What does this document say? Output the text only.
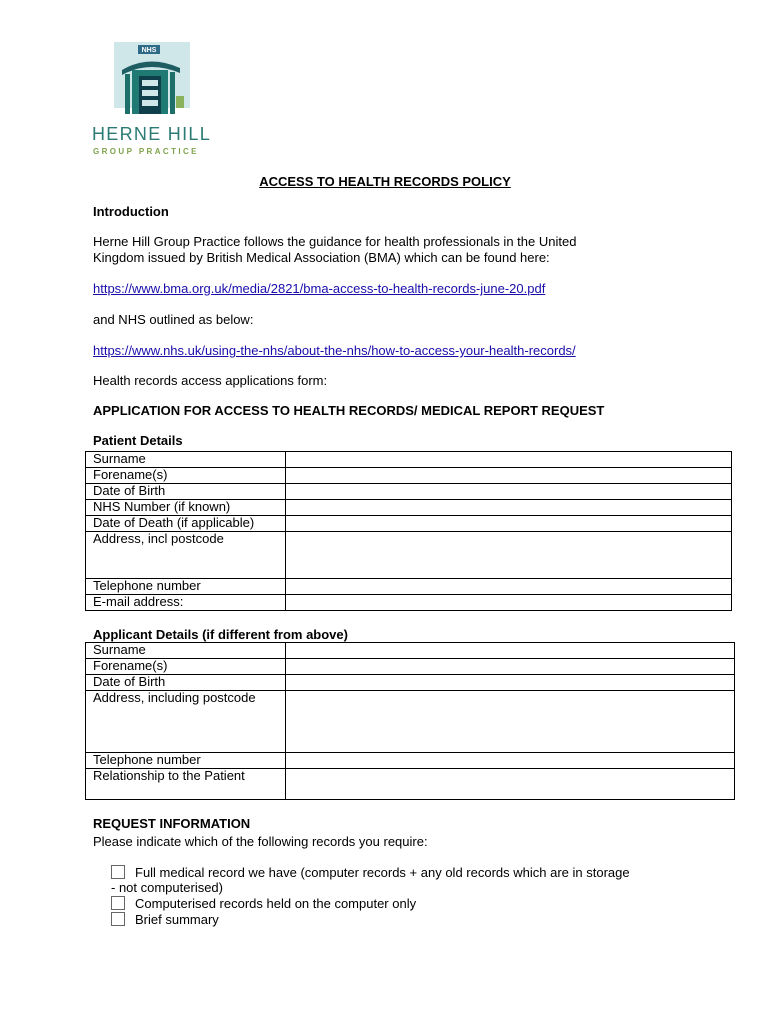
NHS
HERNE HILL
GROUP PRACTICE
ACCESS TO HEALTH RECORDS POLICY
Introduction
Herne Hill Group Practice follows the guidance for health professionals in the United
Kingdom issued by British Medical Association (BMA) which can be found here:
https://www.bma.org.uk/media/2821/bma-access-to-health-records-june-20.pdf
and NHS outlined as below:
https://www.nhs.uk/using-the-nhs/about-the-nhs/how-to-access-your-health-records/
Health records access applications form:
APPLICATION FOR ACCESS TO HEALTH RECORDS/ MEDICAL REPORT REQUEST
Patient Details
Surname	
Forename(s)	
Date of Birth	
NHS Number (if known)	
Date of Death (if applicable)	
Address, incl postcode	
Telephone number	
E-mail address:	
Applicant Details (if different from above)
Surname	
Forename(s)	
Date of Birth	
Address, including postcode	
Telephone number	
Relationship to the Patient	
REQUEST INFORMATION
Please indicate which of the following records you require:
Full medical record we have (computer records + any old records which are in storage
- not computerised)
Computerised records held on the computer only
Brief summary
